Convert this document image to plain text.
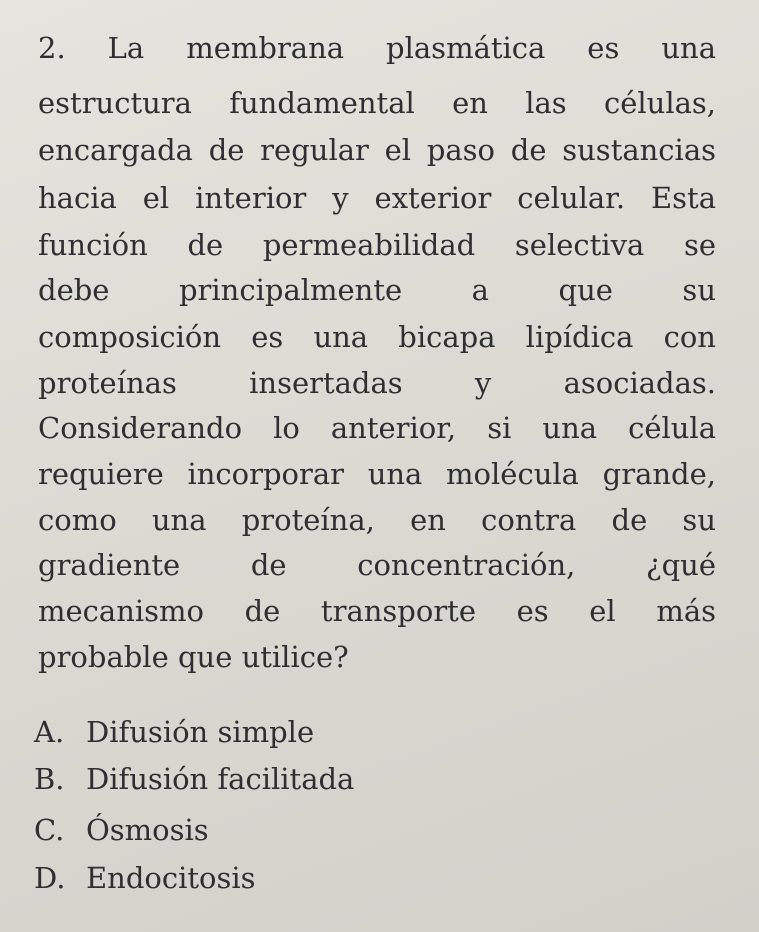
2. La membrana plasmática es una
estructura fundamental en las células,
encargada de regular el paso de sustancias
hacia el interior y exterior celular. Esta
función de permeabilidad selectiva se
debe principalmente a que su
composición es una bicapa lipídica con
proteínas insertadas y asociadas.
Considerando lo anterior, si una célula
requiere incorporar una molécula grande,
como una proteína, en contra de su
gradiente de concentración, ¿qué
mecanismo de transporte es el más
probable que utilice?
A. Difusión simple
B. Difusión facilitada
C. Ósmosis
D. Endocitosis
